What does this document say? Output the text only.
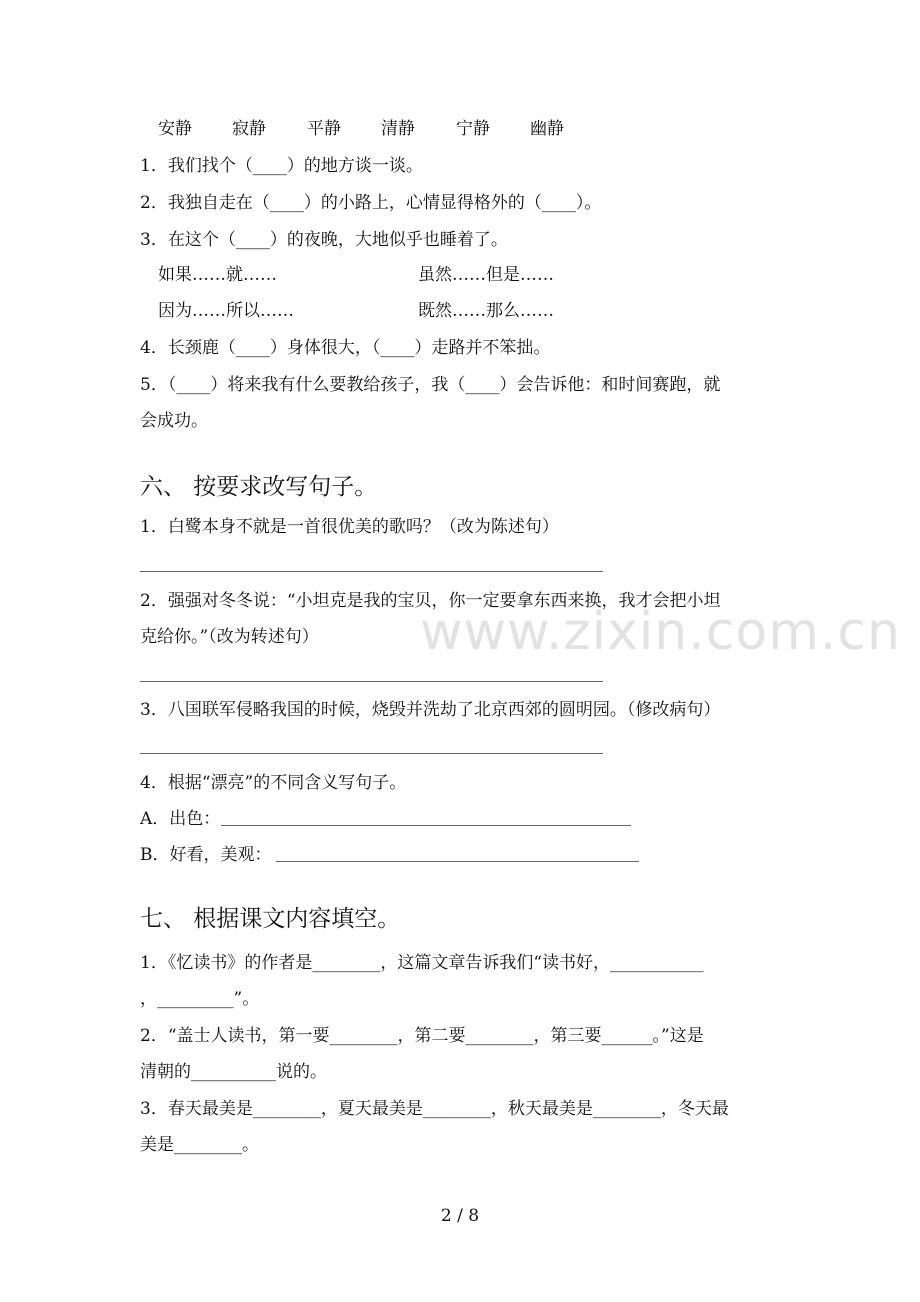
安静 寂静 平静 清静 宁静 幽静
1．我们找个（____）的地方谈一谈。
2．我独自走在（____）的小路上，心情显得格外的（____）。
3．在这个（____）的夜晚，大地似乎也睡着了。
如果……就……	虽然……但是……
因为……所以……	既然……那么……
4．长颈鹿（____）身体很大，（____）走路并不笨拙。
5．（____）将来我有什么要教给孩子，我（____）会告诉他：和时间赛跑，就
会成功。
六、 按要求改写句子。
1．白鹭本身不就是一首很优美的歌吗？（改为陈述句）
2．强强对冬冬说：“小坦克是我的宝贝，你一定要拿东西来换，我才会把小坦
克给你。”（改为转述句）
3．八国联军侵略我国的时候，烧毁并洗劫了北京西郊的圆明园。（修改病句）
4．根据“漂亮”的不同含义写句子。
A．出色：
B．好看，美观：
七、 根据课文内容填空。
1．《忆读书》的作者是________，这篇文章告诉我们“读书好，___________
，_________”。
2．“盖士人读书，第一要________，第二要________，第三要______。”这是
清朝的__________说的。
3．春天最美是________，夏天最美是________，秋天最美是________，冬天最
美是________。
www.zixin.com.cn
2 / 8
